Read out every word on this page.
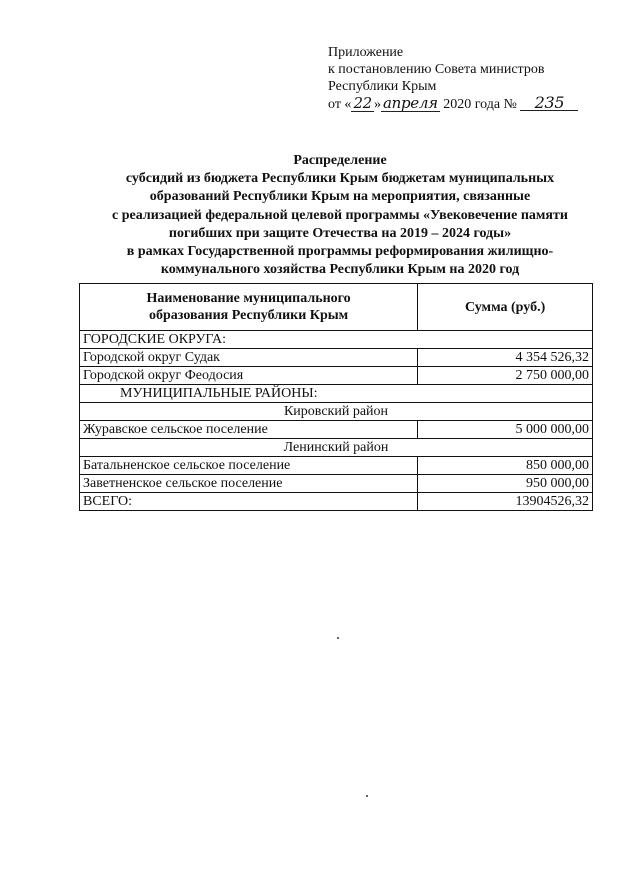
Приложение
к постановлению Совета министров
Республики Крым
от « 22 » апреля 2020 года № 235
Распределение
субсидий из бюджета Республики Крым бюджетам муниципальных
образований Республики Крым на мероприятия, связанные
с реализацией федеральной целевой программы «Увековечение памяти
погибших при защите Отечества на 2019 – 2024 годы»
в рамках Государственной программы реформирования жилищно-
коммунального хозяйства Республики Крым на 2020 год
Наименование муниципального
образования Республики Крым	Сумма (руб.)
ГОРОДСКИЕ ОКРУГА:	
Городской округ Судак	4 354 526,32
Городской округ Феодосия	2 750 000,00
МУНИЦИПАЛЬНЫЕ РАЙОНЫ:	
Кировский район	
Журавское сельское поселение	5 000 000,00
Ленинский район	
Батальненское сельское поселение	850 000,00
Заветненское сельское поселение	950 000,00
ВСЕГО:	13904526,32
